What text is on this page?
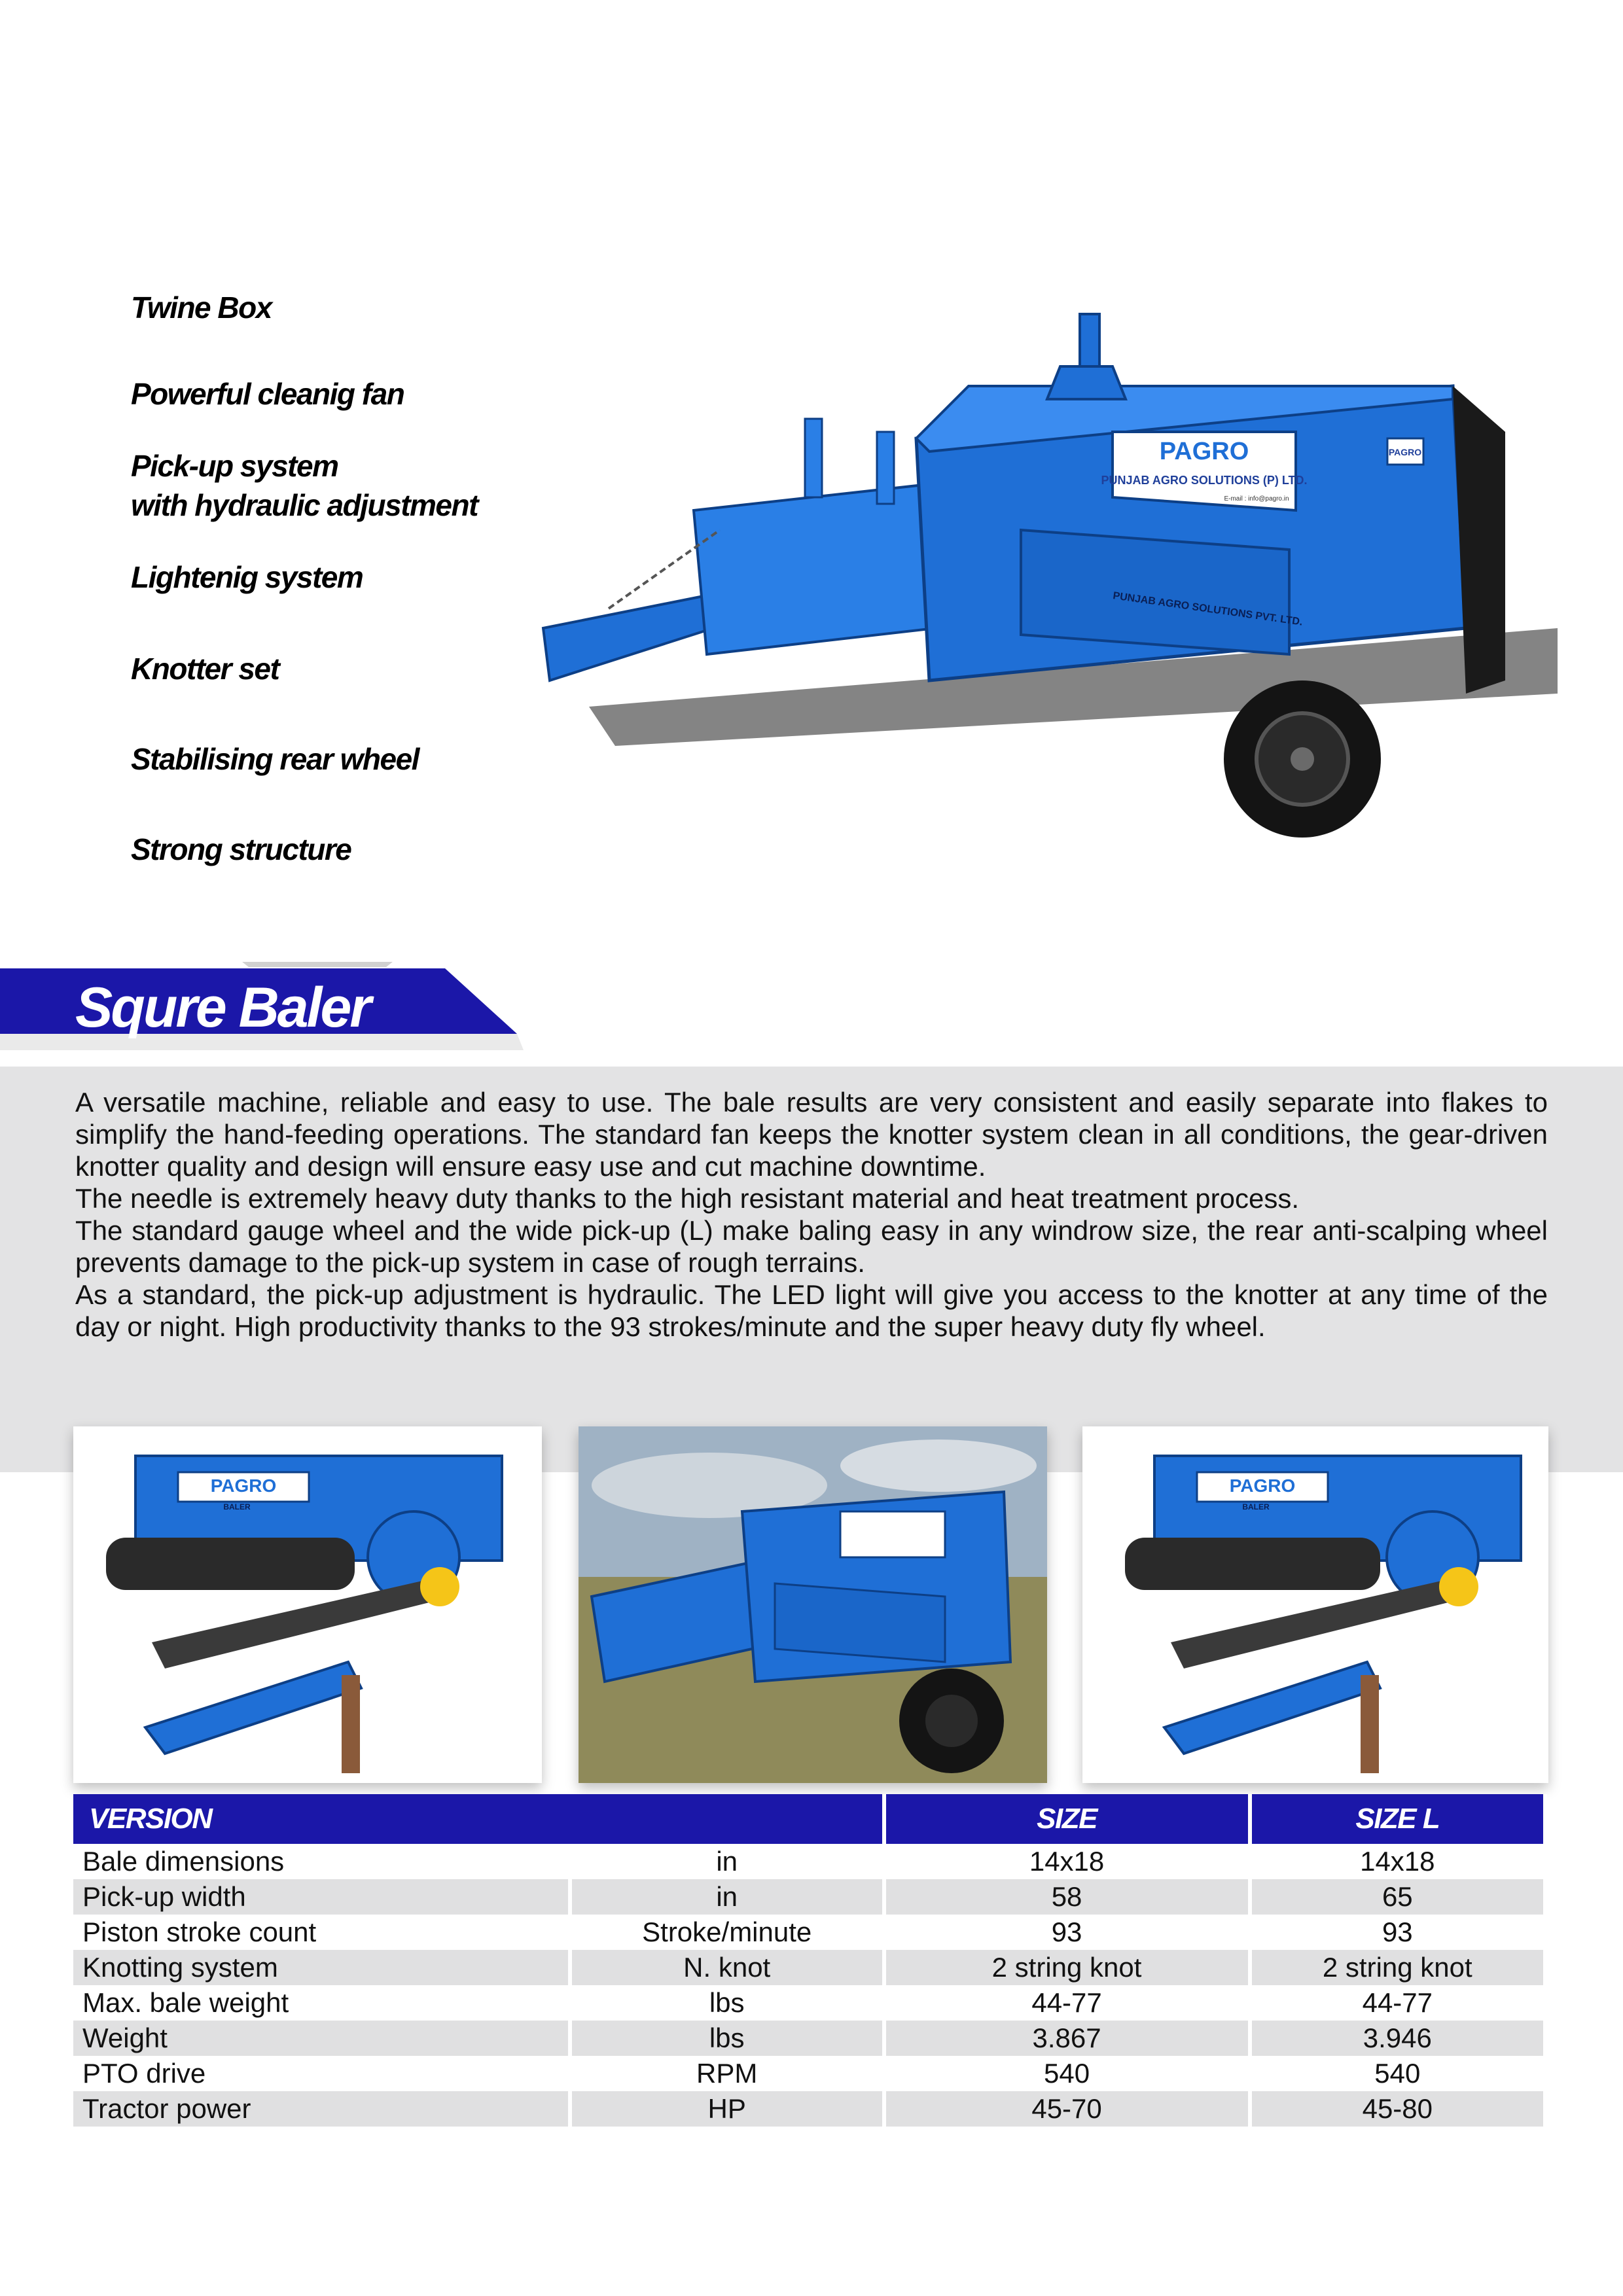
Twine Box
Powerful cleanig fan
Pick-up system
with hydraulic adjustment
Lightenig system
Knotter set
Stabilising rear wheel
Strong structure
PAGRO
PUNJAB AGRO SOLUTIONS (P) LTD.
E-mail : info@pagro.in
PAGRO
PUNJAB AGRO SOLUTIONS PVT. LTD.
Squre Baler

A versatile machine, reliable and easy to use. The bale results are very consistent and easily separate into flakes to simplify the hand-feeding operations. The standard fan keeps the knotter system clean in all conditions, the gear-driven knotter quality and design will ensure easy use and cut machine downtime.

The needle is extremely heavy duty thanks to the high resistant material and heat treatment process.

The standard gauge wheel and the wide pick-up (L) make baling easy in any windrow size, the rear anti-scalping wheel prevents damage to the pick-up system in case of rough terrains.

As a standard, the pick-up adjustment is hydraulic. The LED light will give you access to the knotter at any time of the day or night. High productivity thanks to the 93 strokes/minute and the super heavy duty fly wheel.

PAGRO
BALER
PAGRO
BALER
VERSION		SIZE	SIZE L
Bale dimensions	in	14x18	14x18
Pick-up width	in	58	65
Piston stroke count	Stroke/minute	93	93
Knotting system	N. knot	2 string knot	2 string knot
Max. bale weight	lbs	44-77	44-77
Weight	lbs	3.867	3.946
PTO drive	RPM	540	540
Tractor power	HP	45-70	45-80
